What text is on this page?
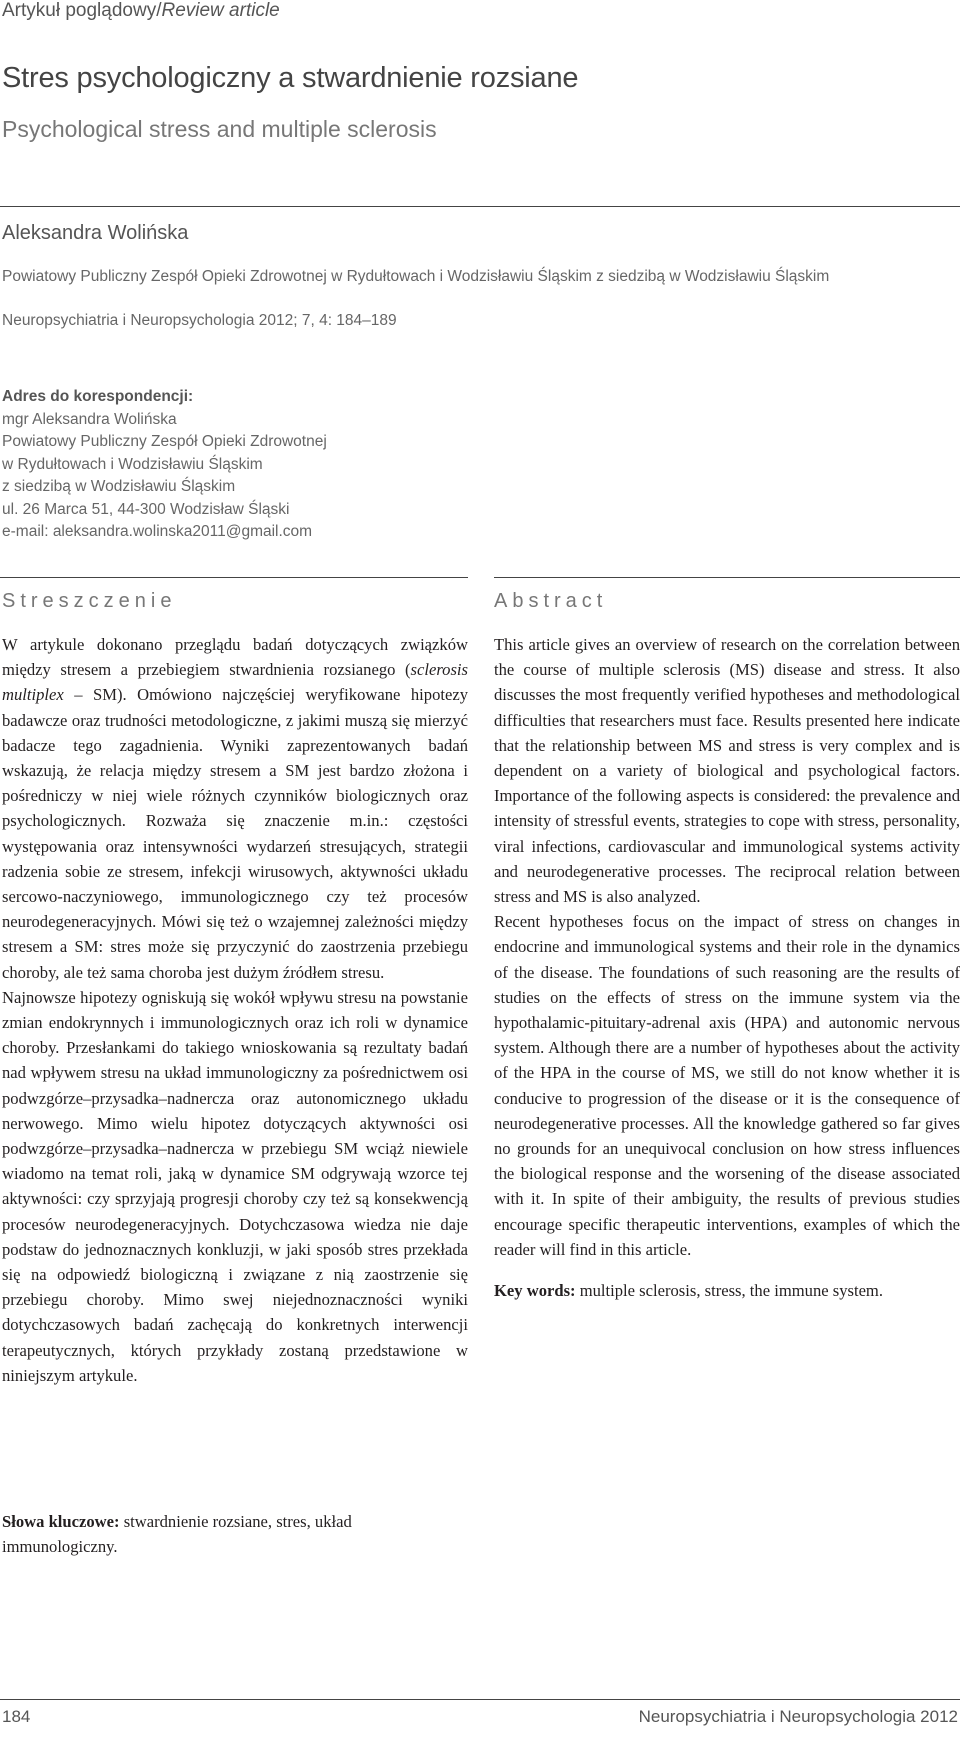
Artykuł poglądowy/Review article
Stres psychologiczny a stwardnienie rozsiane
Psychological stress and multiple sclerosis
Aleksandra Wolińska
Powiatowy Publiczny Zespół Opieki Zdrowotnej w Rydułtowach i Wodzisławiu Śląskim z siedzibą w Wodzisławiu Śląskim
Neuropsychiatria i Neuropsychologia 2012; 7, 4: 184–189
Adres do korespondencji:
mgr Aleksandra Wolińska
Powiatowy Publiczny Zespół Opieki Zdrowotnej
w Rydułtowach i Wodzisławiu Śląskim
z siedzibą w Wodzisławiu Śląskim
ul. 26 Marca 51, 44-300 Wodzisław Śląski
e-mail: aleksandra.wolinska2011@gmail.com
Streszczenie	Abstract

W artykule dokonano przeglądu badań dotyczących związków między stresem a przebiegiem stwardnienia rozsianego (sclerosis multiplex – SM). Omówiono najczęściej weryfikowane hipotezy badawcze oraz trudności metodologiczne, z jakimi muszą się mierzyć badacze tego zagadnienia. Wyniki zaprezentowanych badań wskazują, że relacja między stresem a SM jest bardzo złożona i pośredniczy w niej wiele różnych czynników biologicznych oraz psychologicznych. Rozważa się znaczenie m.in.: częstości występowania oraz intensywności wydarzeń stresujących, strategii radzenia sobie ze stresem, infekcji wirusowych, aktywności układu sercowo-naczyniowego, immunologicznego czy też procesów neurodegeneracyjnych. Mówi się też o wzajemnej zależności między stresem a SM: stres może się przyczynić do zaostrzenia przebiegu choroby, ale też sama choroba jest dużym źródłem stresu.

Najnowsze hipotezy ogniskują się wokół wpływu stresu na powstanie zmian endokrynnych i immunologicznych oraz ich roli w dynamice choroby. Przesłankami do takiego wnioskowania są rezultaty badań nad wpływem stresu na układ immunologiczny za pośrednictwem osi podwzgórze–przysadka–nadnercza oraz autonomicznego układu nerwowego. Mimo wielu hipotez dotyczących aktywności osi podwzgórze–przysadka–nadnercza w przebiegu SM wciąż niewiele wiadomo na temat roli, jaką w dynamice SM odgrywają wzorce tej aktywności: czy sprzyjają progresji choroby czy też są konsekwencją procesów neurodegeneracyjnych. Dotychczasowa wiedza nie daje podstaw do jednoznacznych konkluzji, w jaki sposób stres przekłada się na odpowiedź biologiczną i związane z nią zaostrzenie się przebiegu choroby. Mimo swej niejednoznaczności wyniki dotychczasowych badań zachęcają do konkretnych interwencji terapeutycznych, których przykłady zostaną przedstawione w niniejszym artykule.

Słowa kluczowe: stwardnienie rozsiane, stres, układ immunologiczny.

This article gives an overview of research on the correlation between the course of multiple sclerosis (MS) disease and stress. It also discusses the most frequently verified hypotheses and methodological difficulties that researchers must face. Results presented here indicate that the relationship between MS and stress is very complex and is dependent on a variety of biological and psychological factors. Importance of the following aspects is considered: the prevalence and intensity of stressful events, strategies to cope with stress, personality, viral infections, cardiovascular and immunological systems activity and neurodegenerative processes. The reciprocal relation between stress and MS is also analyzed.

Recent hypotheses focus on the impact of stress on changes in endocrine and immunological systems and their role in the dynamics of the disease. The foundations of such reasoning are the results of studies on the effects of stress on the immune system via the hypothalamic-pituitary-adrenal axis (HPA) and autonomic nervous system. Although there are a number of hypotheses about the activity of the HPA in the course of MS, we still do not know whether it is conducive to progression of the disease or it is the consequence of neurodegenerative processes. All the knowledge gathered so far gives no grounds for an unequivocal conclusion on how stress influences the biological response and the worsening of the disease associated with it. In spite of their ambiguity, the results of previous studies encourage specific therapeutic interventions, examples of which the reader will find in this article.

Key words: multiple sclerosis, stress, the immune system.

184	Neuropsychiatria i Neuropsychologia 2012
